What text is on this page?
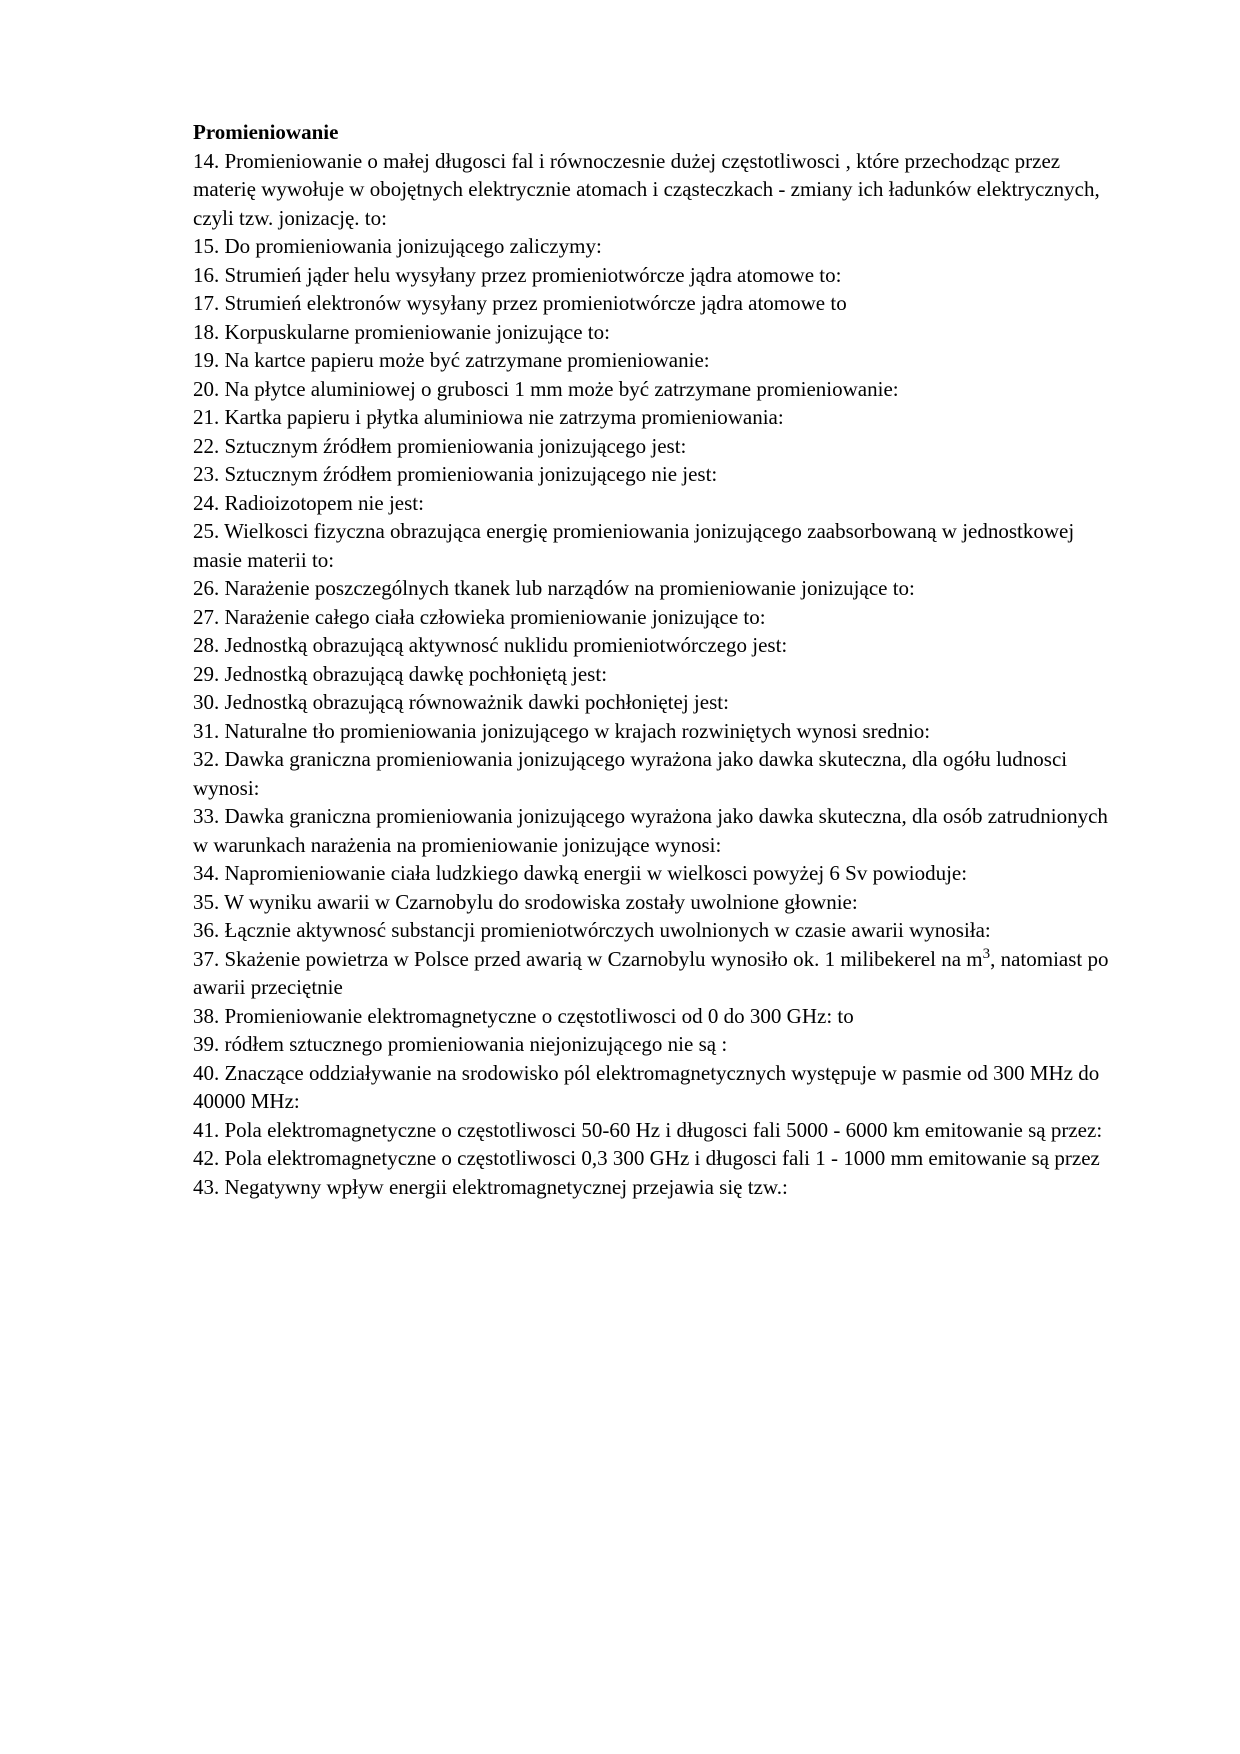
Promieniowanie

14. Promieniowanie o małej długosci fal i równoczesnie dużej częstotliwosci , które przechodząc przez materię wywołuje w obojętnych elektrycznie atomach i cząsteczkach - zmiany ich ładunków elektrycznych, czyli tzw. jonizację. to:

15. Do promieniowania jonizującego zaliczymy:

16. Strumień jąder helu wysyłany przez promieniotwórcze jądra atomowe to:

17. Strumień elektronów wysyłany przez promieniotwórcze jądra atomowe to

18. Korpuskularne promieniowanie jonizujące to:

19. Na kartce papieru może być zatrzymane promieniowanie:

20. Na płytce aluminiowej o grubosci 1 mm może być zatrzymane promieniowanie:

21. Kartka papieru i płytka aluminiowa nie zatrzyma promieniowania:

22. Sztucznym źródłem promieniowania jonizującego jest:

23. Sztucznym źródłem promieniowania jonizującego nie jest:

24. Radioizotopem nie jest:

25. Wielkosci fizyczna obrazująca energię promieniowania jonizującego zaabsorbowaną w jednostkowej masie materii to:

26. Narażenie poszczególnych tkanek lub narządów na promieniowanie jonizujące to:

27. Narażenie całego ciała człowieka promieniowanie jonizujące to:

28. Jednostką obrazującą aktywnosć nuklidu promieniotwórczego jest:

29. Jednostką obrazującą dawkę pochłoniętą jest:

30. Jednostką obrazującą równoważnik dawki pochłoniętej jest:

31. Naturalne tło promieniowania jonizującego w krajach rozwiniętych wynosi srednio:

32. Dawka graniczna promieniowania jonizującego wyrażona jako dawka skuteczna, dla ogółu ludnosci wynosi:

33. Dawka graniczna promieniowania jonizującego wyrażona jako dawka skuteczna, dla osób zatrudnionych w warunkach narażenia na promieniowanie jonizujące wynosi:

34. Napromieniowanie ciała ludzkiego dawką energii w wielkosci powyżej 6 Sv powioduje:

35. W wyniku awarii w Czarnobylu do srodowiska zostały uwolnione głownie:

36. Łącznie aktywnosć substancji promieniotwórczych uwolnionych w czasie awarii wynosiła:

37. Skażenie powietrza w Polsce przed awarią w Czarnobylu wynosiło ok. 1 milibekerel na $m^3$, natomiast po awarii przeciętnie

38. Promieniowanie elektromagnetyczne o częstotliwosci od 0 do 300 GHz: to

39. ródłem sztucznego promieniowania niejonizującego nie są :

40. Znaczące oddziaływanie na srodowisko pól elektromagnetycznych występuje w pasmie od 300 MHz do 40000 MHz:

41. Pola elektromagnetyczne o częstotliwosci 50-60 Hz i długosci fali 5000 - 6000 km emitowanie są przez:

42. Pola elektromagnetyczne o częstotliwosci 0,3 300 GHz i długosci fali 1 - 1000 mm emitowanie są przez

43. Negatywny wpływ energii elektromagnetycznej przejawia się tzw.:
